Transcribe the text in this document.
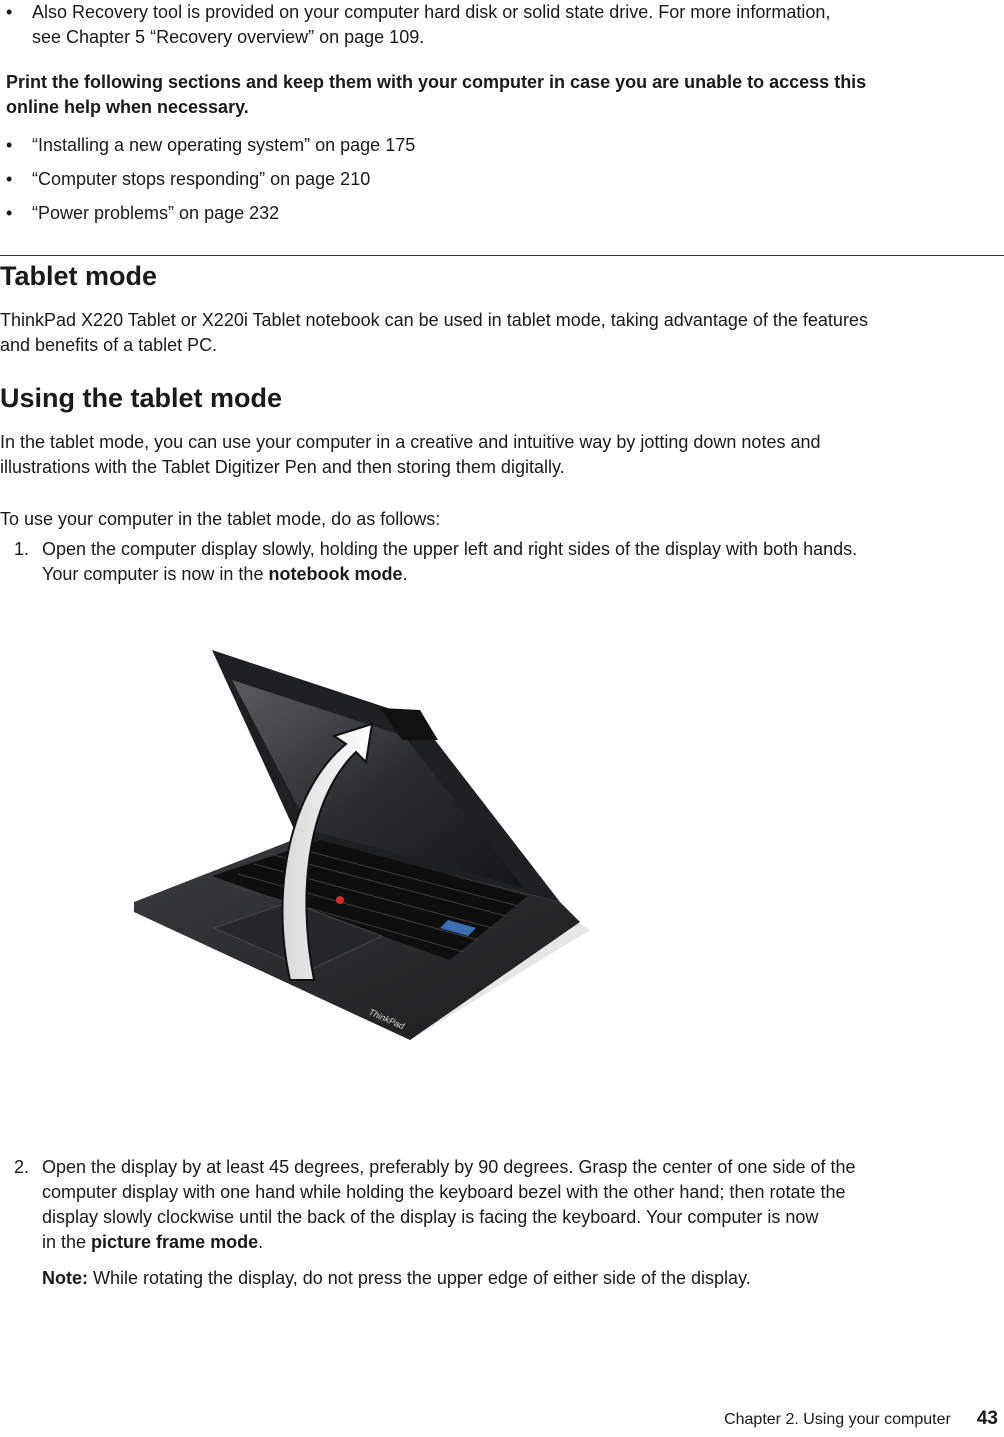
•	Also Recovery tool is provided on your computer hard disk or solid state drive. For more information,
see Chapter 5 “Recovery overview” on page 109.
Print the following sections and keep them with your computer in case you are unable to access this
online help when necessary.
•	“Installing a new operating system” on page 175
•	“Computer stops responding” on page 210
•	“Power problems” on page 232
Tablet mode
ThinkPad X220 Tablet or X220i Tablet notebook can be used in tablet mode, taking advantage of the features
and benefits of a tablet PC.
Using the tablet mode
In the tablet mode, you can use your computer in a creative and intuitive way by jotting down notes and
illustrations with the Tablet Digitizer Pen and then storing them digitally.
To use your computer in the tablet mode, do as follows:
1. Open the computer display slowly, holding the upper left and right sides of the display with both hands.
Your computer is now in the notebook mode.
ThinkPad
2. Open the display by at least 45 degrees, preferably by 90 degrees. Grasp the center of one side of the
computer display with one hand while holding the keyboard bezel with the other hand; then rotate the
display slowly clockwise until the back of the display is facing the keyboard. Your computer is now
in the picture frame mode.
Note: While rotating the display, do not press the upper edge of either side of the display.
Chapter 2. Using your computer 43
